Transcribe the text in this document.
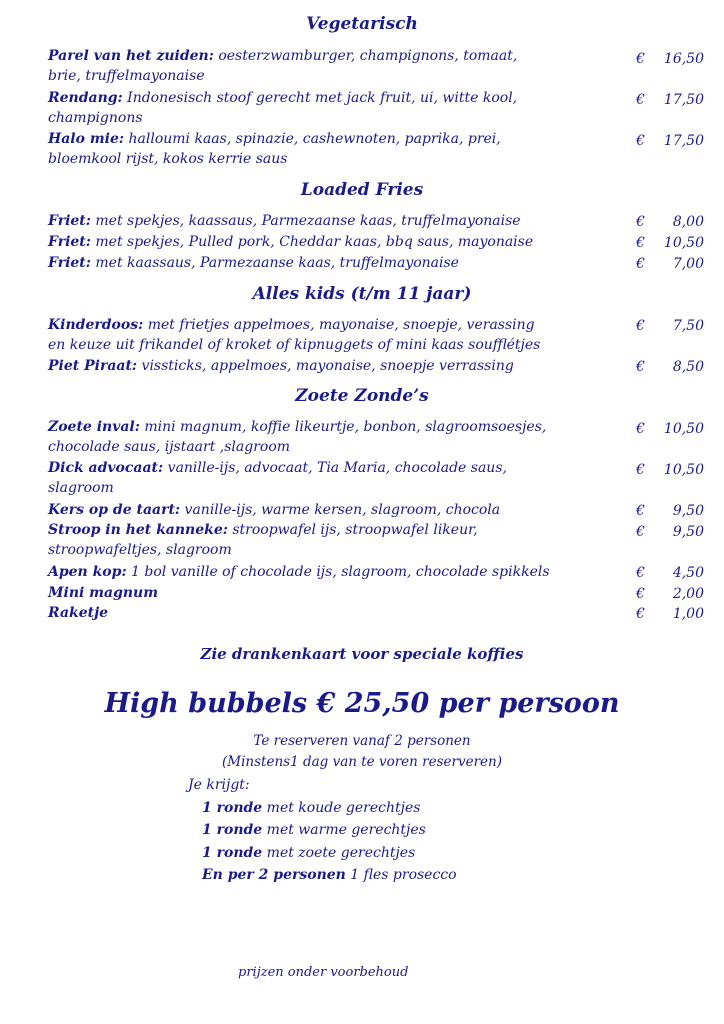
Vegetarisch
Parel van het zuiden: oesterzwamburger, champignons, tomaat,
brie, truffelmayonaise
€ 16,50
Rendang: Indonesisch stoof gerecht met jack fruit, ui, witte kool,
champignons
€ 17,50
Halo mie: halloumi kaas, spinazie, cashewnoten, paprika, prei,
bloemkool rijst, kokos kerrie saus
€ 17,50
Loaded Fries
Friet: met spekjes, kaassaus, Parmezaanse kaas, truffelmayonaise	€ 8,00
Friet: met spekjes, Pulled pork, Cheddar kaas, bbq saus, mayonaise	€ 10,50
Friet: met kaassaus, Parmezaanse kaas, truffelmayonaise	€ 7,00
Alles kids (t/m 11 jaar)
Kinderdoos: met frietjes appelmoes, mayonaise, snoepje, verassing
en keuze uit frikandel of kroket of kipnuggets of mini kaas soufflétjes
€ 7,50
Piet Piraat: vissticks, appelmoes, mayonaise, snoepje verrassing	€ 8,50
Zoete Zonde’s
Zoete inval: mini magnum, koffie likeurtje, bonbon, slagroomsoesjes,
chocolade saus, ijstaart ,slagroom
€ 10,50
Dick advocaat: vanille-ijs, advocaat, Tia Maria, chocolade saus,
slagroom
€ 10,50
Kers op de taart: vanille-ijs, warme kersen, slagroom, chocola	€ 9,50
Stroop in het kanneke: stroopwafel ijs, stroopwafel likeur,
stroopwafeltjes, slagroom
€ 9,50
Apen kop: 1 bol vanille of chocolade ijs, slagroom, chocolade spikkels	€ 4,50
Mini magnum	€ 2,00
Raketje	€ 1,00
Zie drankenkaart voor speciale koffies
High bubbels € 25,50 per persoon
Te reserveren vanaf 2 personen
(Minstens1 dag van te voren reserveren)
Je krijgt:
1 ronde met koude gerechtjes
1 ronde met warme gerechtjes
1 ronde met zoete gerechtjes
En per 2 personen 1 fles prosecco
prijzen onder voorbehoud
